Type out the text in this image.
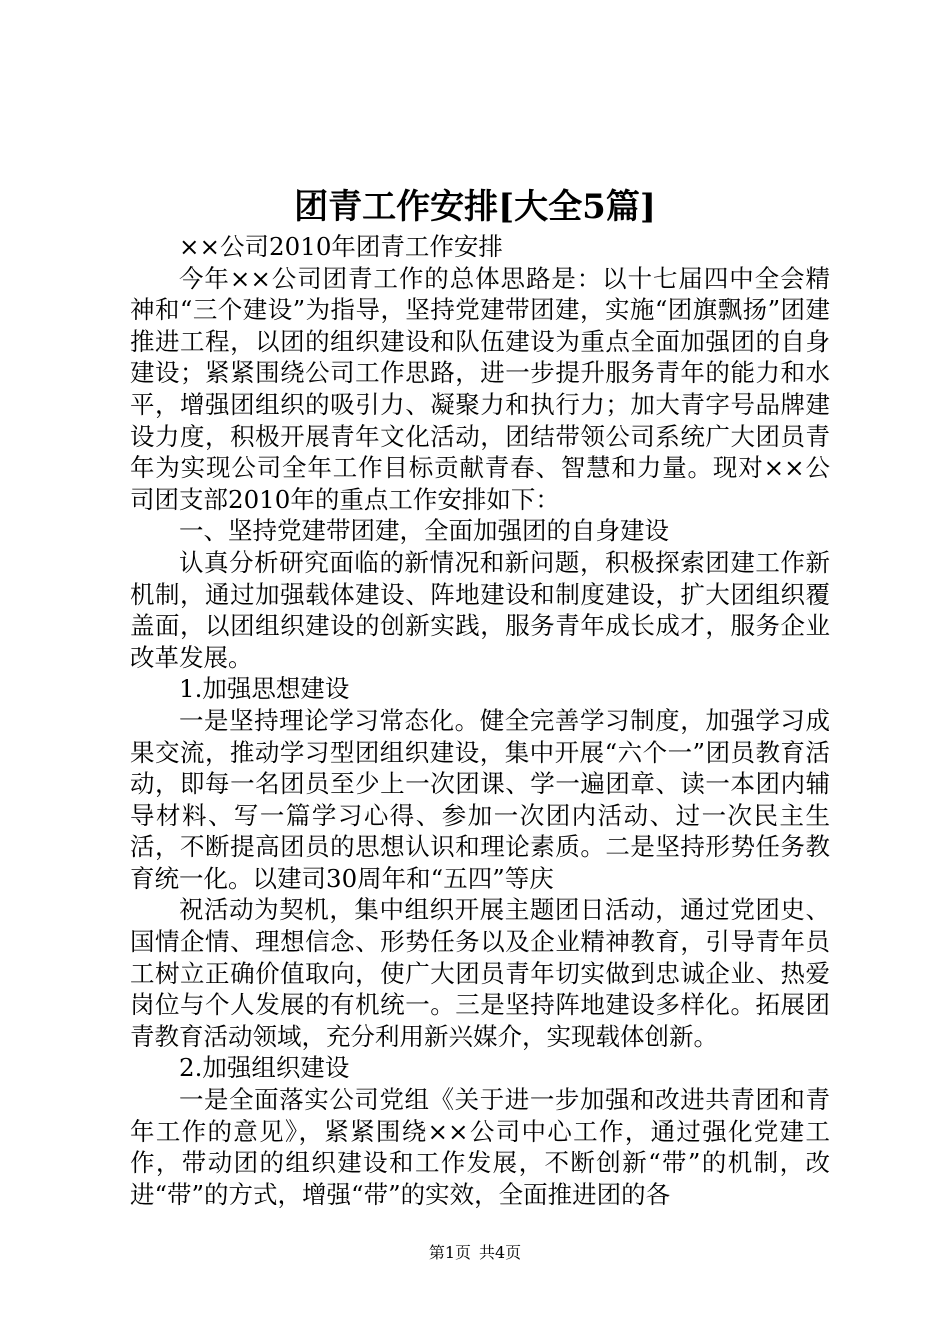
团青工作安排[大全5篇]

××公司2010年团青工作安排

今年××公司团青工作的总体思路是：以十七届四中全会精神和“三个建设”为指导，坚持党建带团建，实施“团旗飘扬”团建推进工程，以团的组织建设和队伍建设为重点全面加强团的自身建设；紧紧围绕公司工作思路，进一步提升服务青年的能力和水平，增强团组织的吸引力、凝聚力和执行力；加大青字号品牌建设力度，积极开展青年文化活动，团结带领公司系统广大团员青年为实现公司全年工作目标贡献青春、智慧和力量。现对××公司团支部2010年的重点工作安排如下：

一、坚持党建带团建，全面加强团的自身建设

认真分析研究面临的新情况和新问题，积极探索团建工作新机制，通过加强载体建设、阵地建设和制度建设，扩大团组织覆盖面，以团组织建设的创新实践，服务青年成长成才，服务企业改革发展。

1.加强思想建设

一是坚持理论学习常态化。健全完善学习制度，加强学习成果交流，推动学习型团组织建设，集中开展“六个一”团员教育活动，即每一名团员至少上一次团课、学一遍团章、读一本团内辅导材料、写一篇学习心得、参加一次团内活动、过一次民主生活，不断提高团员的思想认识和理论素质。二是坚持形势任务教育统一化。以建司30周年和“五四”等庆

祝活动为契机，集中组织开展主题团日活动，通过党团史、国情企情、理想信念、形势任务以及企业精神教育，引导青年员工树立正确价值取向，使广大团员青年切实做到忠诚企业、热爱岗位与个人发展的有机统一。三是坚持阵地建设多样化。拓展团青教育活动领域，充分利用新兴媒介，实现载体创新。

2.加强组织建设

一是全面落实公司党组《关于进一步加强和改进共青团和青年工作的意见》，紧紧围绕××公司中心工作，通过强化党建工作，带动团的组织建设和工作发展，不断创新“带”的机制，改进“带”的方式，增强“带”的实效，全面推进团的各

第1页 共4页
